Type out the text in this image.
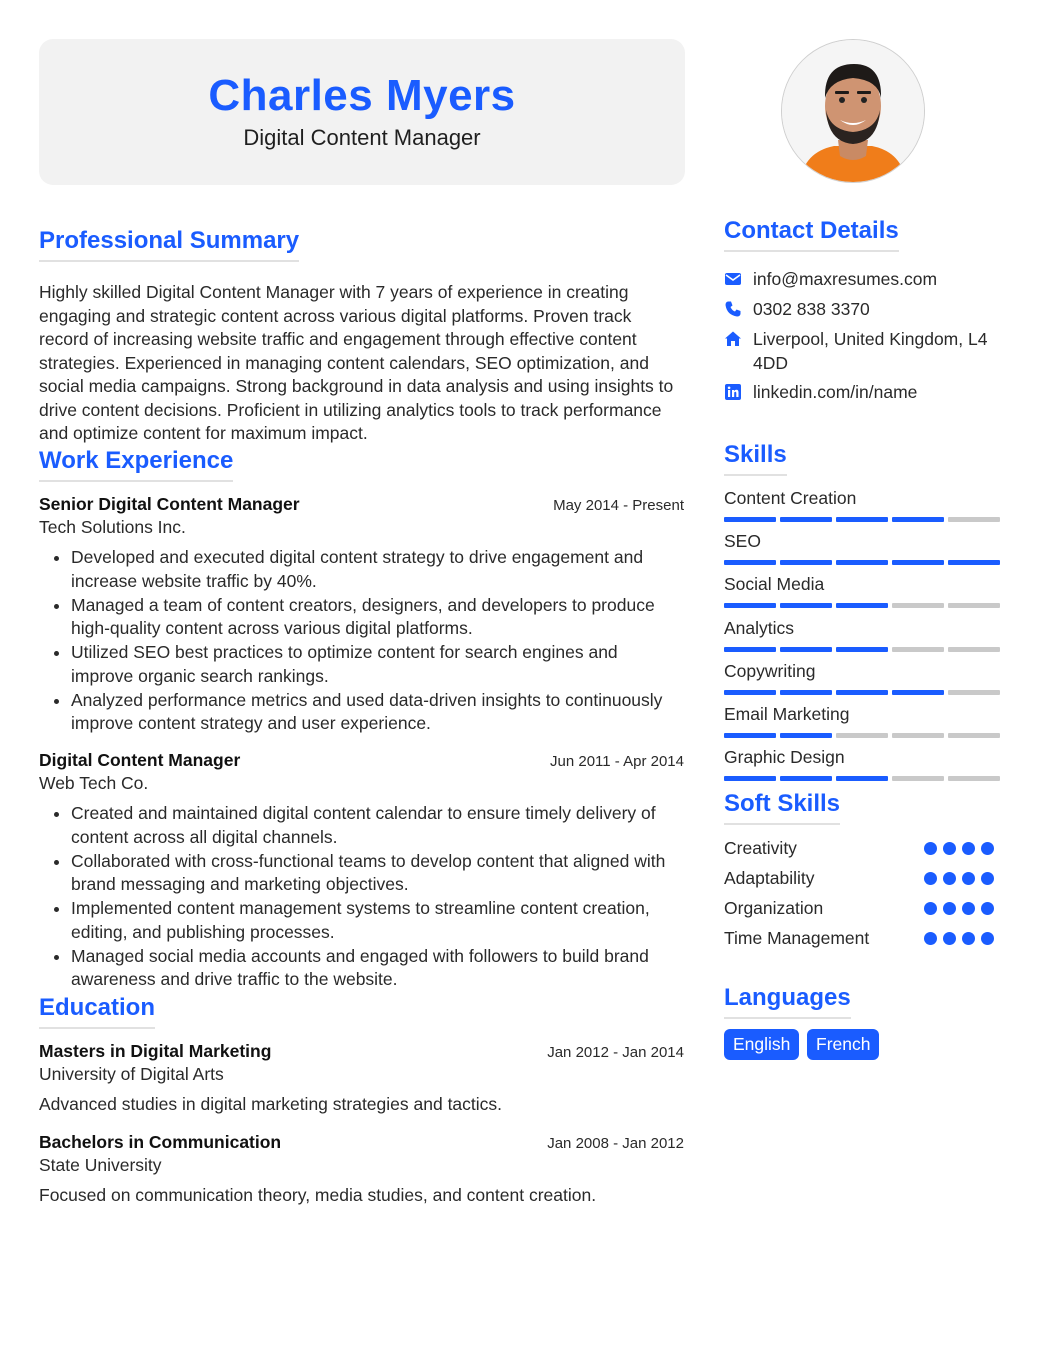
Charles Myers
Digital Content Manager
Professional Summary
Highly skilled Digital Content Manager with 7 years of experience in creating engaging and strategic content across various digital platforms. Proven track record of increasing website traffic and engagement through effective content strategies. Experienced in managing content calendars, SEO optimization, and social media campaigns. Strong background in data analysis and using insights to drive content decisions. Proficient in utilizing analytics tools to track performance and optimize content for maximum impact.
Work Experience
Senior Digital Content Manager	May 2014 - Present
Tech Solutions Inc.
• Developed and executed digital content strategy to drive engagement and increase website traffic by 40%.
• Managed a team of content creators, designers, and developers to produce high-quality content across various digital platforms.
• Utilized SEO best practices to optimize content for search engines and improve organic search rankings.
• Analyzed performance metrics and used data-driven insights to continuously improve content strategy and user experience.
Digital Content Manager	Jun 2011 - Apr 2014
Web Tech Co.
• Created and maintained digital content calendar to ensure timely delivery of content across all digital channels.
• Collaborated with cross-functional teams to develop content that aligned with brand messaging and marketing objectives.
• Implemented content management systems to streamline content creation, editing, and publishing processes.
• Managed social media accounts and engaged with followers to build brand awareness and drive traffic to the website.
Education
Masters in Digital Marketing	Jan 2012 - Jan 2014
University of Digital Arts
Advanced studies in digital marketing strategies and tactics.
Bachelors in Communication	Jan 2008 - Jan 2012
State University
Focused on communication theory, media studies, and content creation.
Contact Details
info@maxresumes.com
0302 838 3370
Liverpool, United Kingdom, L4 4DD
linkedin.com/in/name
Skills
Content Creation
SEO
Social Media
Analytics
Copywriting
Email Marketing
Graphic Design
Soft Skills
Creativity
Adaptability
Organization
Time Management
Languages
English	French
